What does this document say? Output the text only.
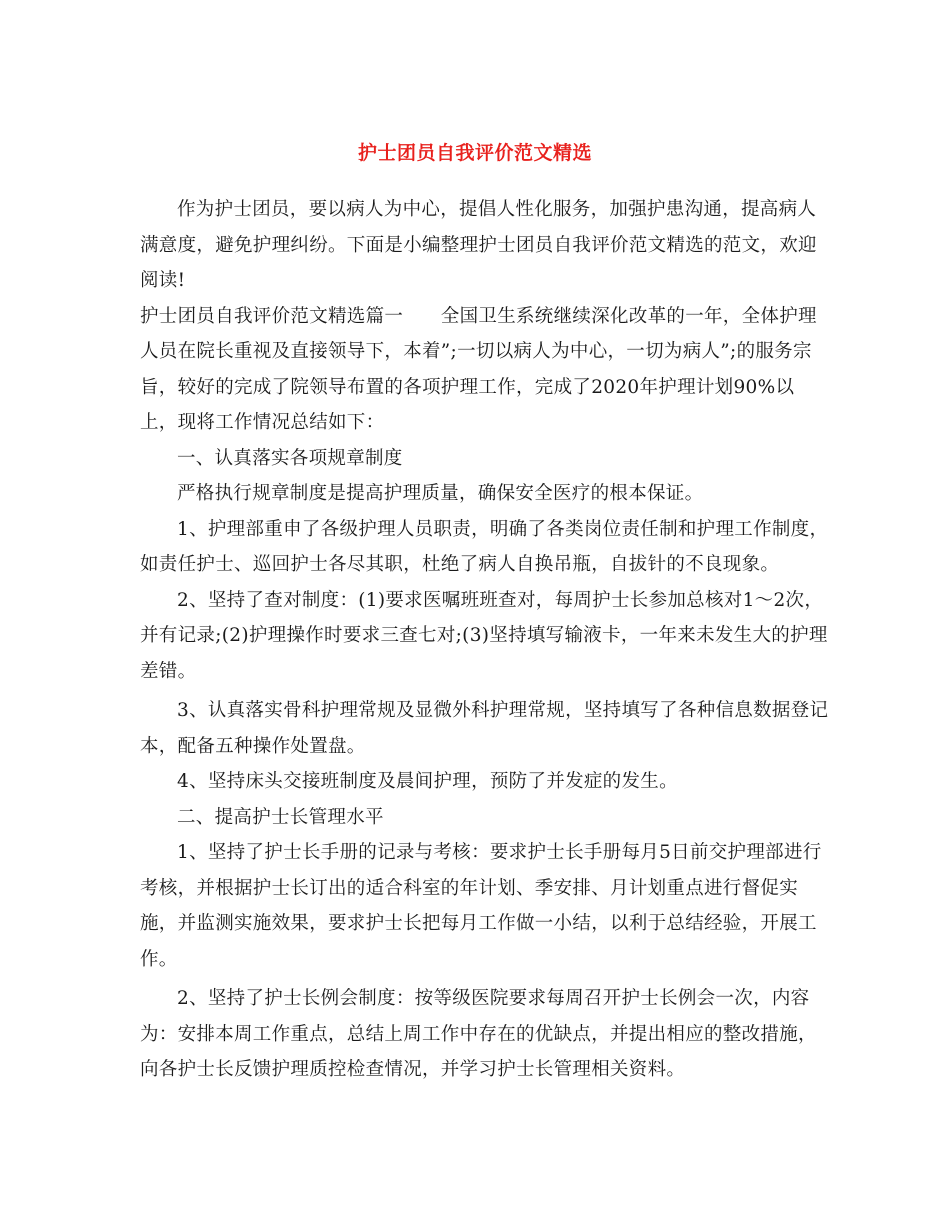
护士团员自我评价范文精选

作为护士团员，要以病人为中心，提倡人性化服务，加强护患沟通，提高病人满意度，避免护理纠纷。下面是小编整理护士团员自我评价范文精选的范文，欢迎阅读!

护士团员自我评价范文精选篇一　　全国卫生系统继续深化改革的一年，全体护理人员在院长重视及直接领导下，本着”;一切以病人为中心，一切为病人”;的服务宗旨，较好的完成了院领导布置的各项护理工作，完成了2020年护理计划90%以上，现将工作情况总结如下：

一、认真落实各项规章制度

严格执行规章制度是提高护理质量，确保安全医疗的根本保证。

1、护理部重申了各级护理人员职责，明确了各类岗位责任制和护理工作制度，如责任护士、巡回护士各尽其职，杜绝了病人自换吊瓶，自拔针的不良现象。

2、坚持了查对制度：(1)要求医嘱班班查对，每周护士长参加总核对1～2次，并有记录;(2)护理操作时要求三查七对;(3)坚持填写输液卡，一年来未发生大的护理差错。

3、认真落实骨科护理常规及显微外科护理常规，坚持填写了各种信息数据登记本，配备五种操作处置盘。

4、坚持床头交接班制度及晨间护理，预防了并发症的发生。

二、提高护士长管理水平

1、坚持了护士长手册的记录与考核：要求护士长手册每月5日前交护理部进行考核，并根据护士长订出的适合科室的年计划、季安排、月计划重点进行督促实施，并监测实施效果，要求护士长把每月工作做一小结，以利于总结经验，开展工作。

2、坚持了护士长例会制度：按等级医院要求每周召开护士长例会一次，内容为：安排本周工作重点，总结上周工作中存在的优缺点，并提出相应的整改措施，向各护士长反馈护理质控检查情况，并学习护士长管理相关资料。
